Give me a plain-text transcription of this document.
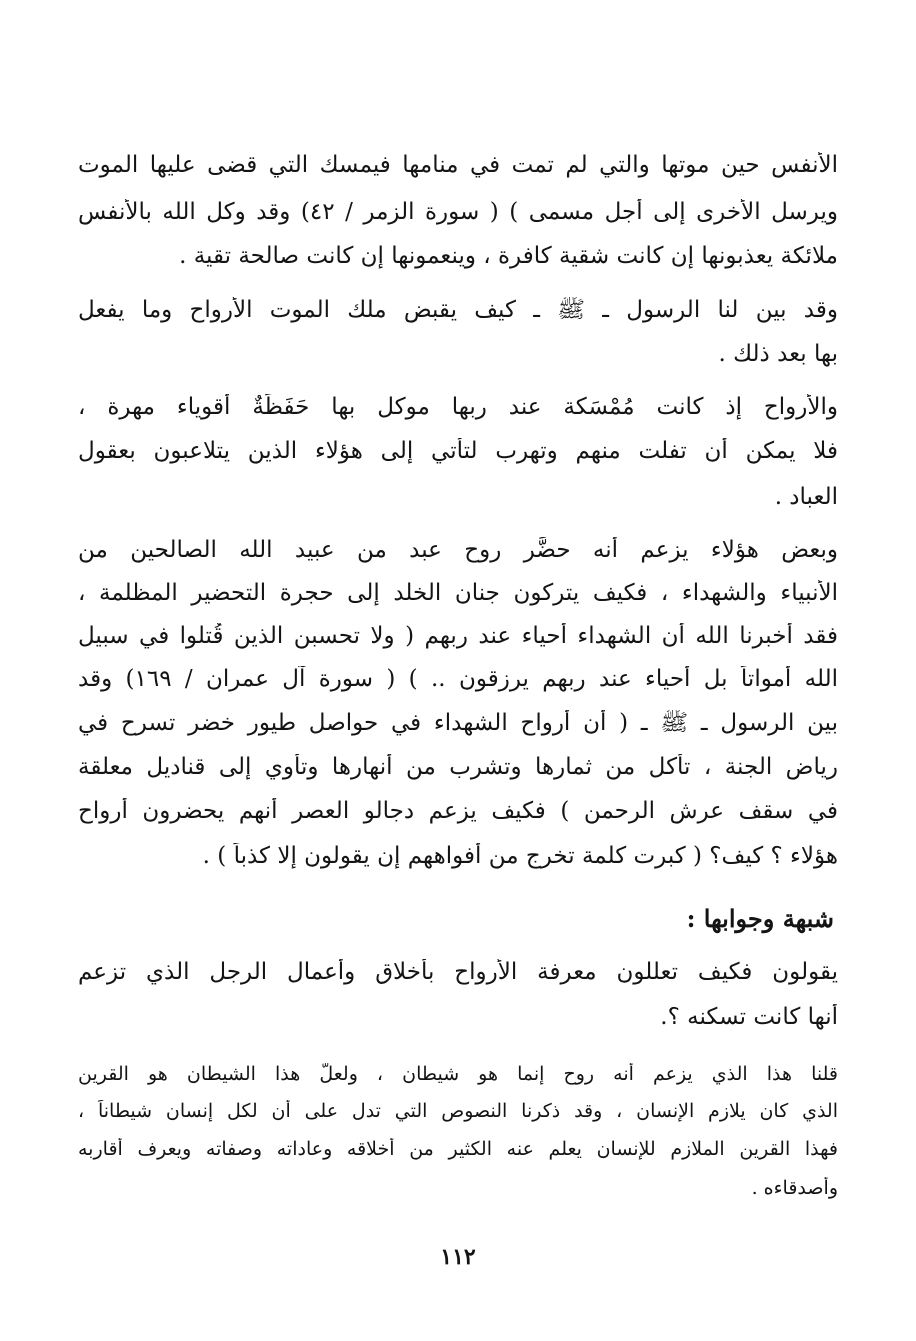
الأنفس حين موتها والتي لم تمت في منامها فيمسك التي قضى عليها الموت
ويرسل الأخرى إلى أجل مسمى ) ( سورة الزمر / ٤٢) وقد وكل الله بالأنفس
ملائكة يعذبونها إن كانت شقية كافرة ، وينعمونها إن كانت صالحة تقية .
وقد بين لنا الرسول ـ ﷺ ـ كيف يقبض ملك الموت الأرواح وما يفعل
بها بعد ذلك .
والأرواح إذ كانت مُمْسَكة عند ربها موكل بها حَفَظَةٌ أقوياء مهرة ،
فلا يمكن أن تفلت منهم وتهرب لتأتي إلى هؤلاء الذين يتلاعبون بعقول
العباد .
وبعض هؤلاء يزعم أنه حضَّر روح عبد من عبيد الله الصالحين من
الأنبياء والشهداء ، فكيف يتركون جنان الخلد إلى حجرة التحضير المظلمة ،
فقد أخبرنا الله أن الشهداء أحياء عند ربهم ( ولا تحسبن الذين قُتلوا في سبيل
الله أمواتاً بل أحياء عند ربهم يرزقون .. ) ( سورة آل عمران / ١٦٩) وقد
بين الرسول ـ ﷺ ـ ( أن أرواح الشهداء في حواصل طيور خضر تسرح في
رياض الجنة ، تأكل من ثمارها وتشرب من أنهارها وتأوي إلى قناديل معلقة
في سقف عرش الرحمن ) فكيف يزعم دجالو العصر أنهم يحضرون أرواح
هؤلاء ؟ كيف؟ ( كبرت كلمة تخرج من أفواههم إن يقولون إلا كذباً ) .
شبهة وجوابها :
يقولون فكيف تعللون معرفة الأرواح بأخلاق وأعمال الرجل الذي تزعم
أنها كانت تسكنه ؟.
قلنا هذا الذي يزعم أنه روح إنما هو شيطان ، ولعلَّ هذا الشيطان هو القرين
الذي كان يلازم الإنسان ، وقد ذكرنا النصوص التي تدل على أن لكل إنسان شيطاناً ،
فهذا القرين الملازم للإنسان يعلم عنه الكثير من أخلاقه وعاداته وصفاته ويعرف أقاربه
وأصدقاءه .
١١٢
